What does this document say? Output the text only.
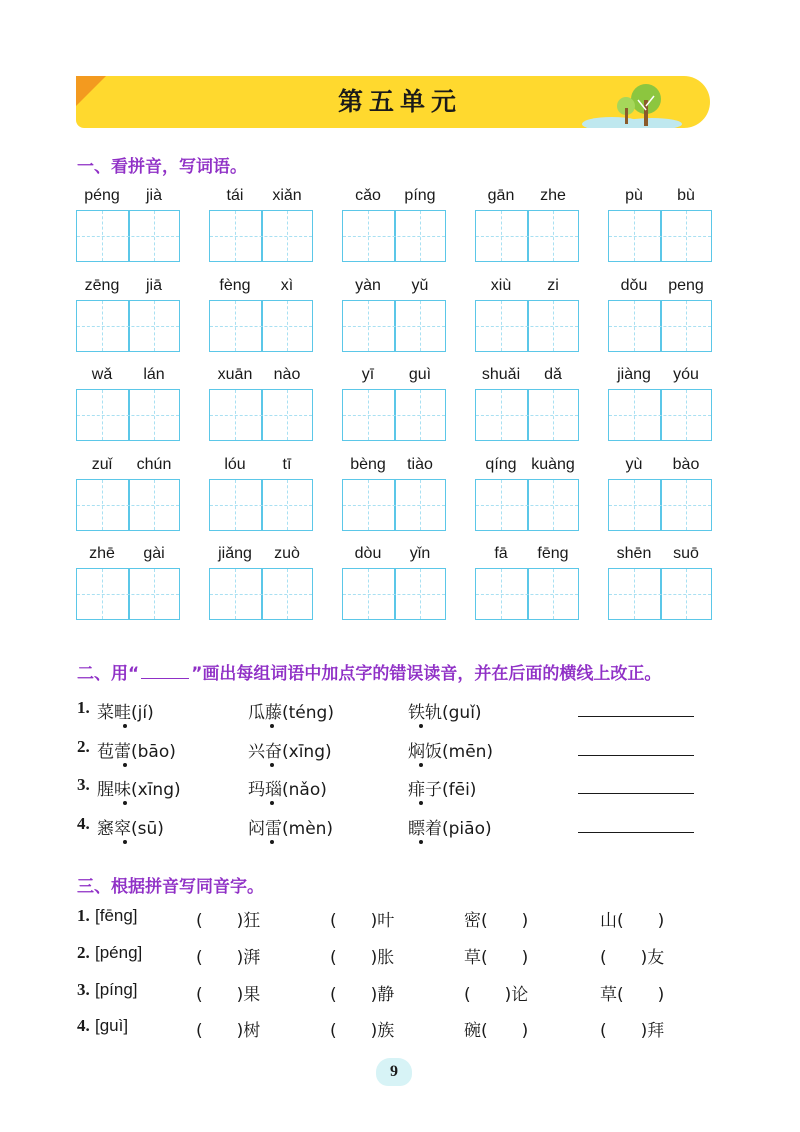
第五单元
一、看拼音，写词语。
péng	jià	tái	xiǎn	cǎo	píng	gān	zhe	pù	bù
zēng	jiā	fèng	xì	yàn	yǔ	xiù	zi	dǒu	peng
wǎ	lán	xuān	nào	yī	guì	shuǎi	dǎ	jiàng	yóu
zuǐ	chún	lóu	tī	bèng	tiào	qíng kuàng	yù	bào
zhē	gài	jiǎng	zuò	dòu	yǐn	fā	fēng	shēn	suō
二、用“	”画出每组词语中加点字的错误读音，并在后面的横线上改正。
1. 菜畦(jí)	瓜藤(téng)	铁轨(guǐ)
2. 苞蕾(bāo)	兴奋(xīng)	焖饭(mēn)
3. 腥味(xīng)	玛瑙(nǎo)	痱子(fēi)
4. 窸窣(sū)	闷雷(mèn)	瞟着(piāo)
三、根据拼音写同音字。
1. [fēng]	(　　)狂	(　　)叶	密(　　)	山(　　)
2. [péng]	(　　)湃	(　　)胀	草(　　)	(　　)友
3. [píng]	(　　)果	(　　)静	(　　)论	草(　　)
4. [guì]	(　　)树	(　　)族	碗(　　)	(　　)拜
9
